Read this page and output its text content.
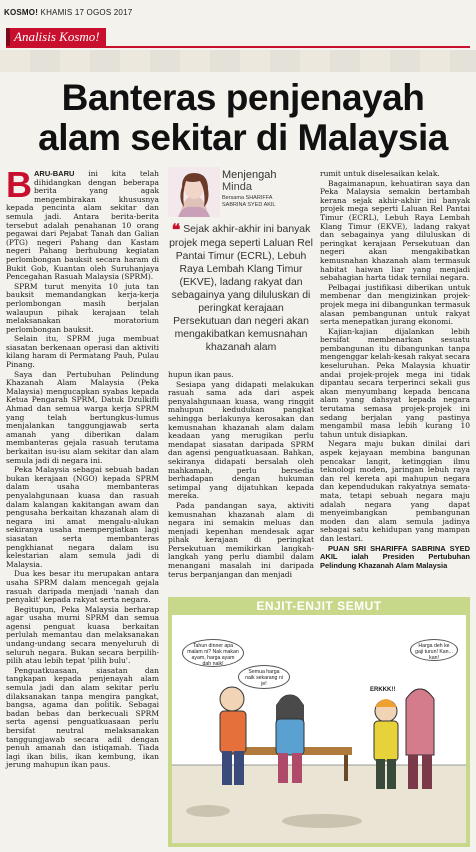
KOSMO! KHAMIS 17 OGOS 2017
Analisis Kosmo!
Banteras penjenayah alam sekitar di Malaysia

BARU-BARU ini kita telah dihidangkan dengan beberapa berita yang agak mengembirakan khususnya kepada pencinta alam sekitar dan semula jadi. Antara berita-berita tersebut adalah penahanan 10 orang pegawai dari Pejabat Tanah dan Galian (PTG) negeri Pahang dan Kastam negeri Pahang berhubung kegiatan perlombongan bauksit secara haram di Bukit Gob, Kuantan oleh Suruhanjaya Pencegahan Rasuah Malaysia (SPRM).

SPRM turut menyita 10 juta tan bauksit memandangkan kerja-kerja perlombongan masih berjalan walaupun pihak kerajaan telah melaksanakan moratorium perlombongan bauksit.

Selain itu, SPRM juga membuat siasatan berkenaan operasi dan aktiviti kilang haram di Permatang Pauh, Pulau Pinang.

Saya dan Pertubuhan Pelindung Khazanah Alam Malaysia (Peka Malaysia) mengucapkan syabas kepada Ketua Pengarah SPRM, Datuk Dzulkifli Ahmad dan semua warga kerja SPRM yang telah bertungkus-lumus menjalankan tanggungjawab serta amanah yang diberikan dalam membanteras gejala rasuah terutama berkaitan isu-isu alam sekitar dan alam semula jadi di negara ini.

Peka Malaysia sebagai sebuah badan bukan kerajaan (NGO) kepada SPRM dalam usaha membanteras penyalahgunaan kuasa dan rasuah dalam kalangan kakitangan awam dan pengusaha berkaitan khazanah alam di negara ini amat mengalu-alukan sekiranya usaha mempergiatkan lagi siasatan serta membanteras pengkhianat negara dalam isu kelestarian alam semula jadi di Malaysia.

Dua kes besar itu merupakan antara usaha SPRM dalam mencegah gejala rasuah daripada menjadi 'nanah dan penyakit' kepada rakyat serta negara.

Begitupun, Peka Malaysia berharap agar usaha murni SPRM dan semua agensi penguat kuasa berkaitan perlulah memantau dan melaksanakan undang-undang secara menyeluruh di seluruh negara. Bukan secara berpilih-pilih atau lebih tepat 'pilih bulu'.

Penguatkuasaan, siasatan dan tangkapan kepada penjenayah alam semula jadi dan alam sekitar perlu dilaksanakan tanpa mengira pangkat, bangsa, agama dan politik. Sebagai badan bebas dan berkecuali SPRM serta agensi penguatkuasaan perlu bersifat neutral melaksanakan tanggungjawab secara adil dengan penuh amanah dan istiqamah. Tiada lagi ikan bilis, ikan kembung, ikan jerung mahupun ikan paus.

Menjengah
Minda
Bersama SHARIFFA
SABRINA SYED AKIL
❝ Sejak akhir-akhir ini banyak projek mega seperti Laluan Rel Pantai Timur (ECRL), Lebuh Raya Lembah Klang Timur (EKVE), ladang rakyat dan sebagainya yang diluluskan di peringkat kerajaan Persekutuan dan negeri akan mengakibatkan kemusnahan khazanah alam

hupun ikan paus.

Sesiapa yang didapati melakukan rasuah sama ada dari aspek penyalahgunaan kuasa, wang ringgit mahupun kedudukan pangkat sehingga berlakunya kerosakan dan kemusnahan khazanah alam dalam keadaan yang merugikan perlu mendapat siasatan daripada SPRM dan agensi penguatkuasaan. Bahkan, sekiranya didapati bersalah oleh mahkamah, perlu bersedia berhadapan dengan hukuman setimpal yang dijatuhkan kepada mereka.

Pada pandangan saya, aktiviti kemusnahan khazanah alam di negara ini semakin meluas dan menjadi kepenhan mendesak agar pihak kerajaan di peringkat Persekutuan memikirkan langkah-langkah yang perlu diambil dalam menangani masalah ini daripada terus berpanjangan dan menjadi

rumit untuk diselesaikan kelak.

Bagaimanapun, kehuatiran saya dan Peka Malaysia semakin bertambah kerana sejak akhir-akhir ini banyak projek mega seperti Laluan Rel Pantai Timur (ECRL), Lebuh Raya Lembah Klang Timur (EKVE), ladang rakyat dan sebagainya yang diluluskan di peringkat kerajaan Persekutuan dan negeri akan mengakibatkan kemusnahan khazanah alam termasuk habitat haiwan liar yang menjadi sebahagian harta tidak ternilai negara.

Pelbagai justifikasi diberikan untuk membenar dan mengizinkan projek-projek mega ini dibangunkan termasuk alasan pembangunan untuk rakyat serta menepatkan jurang ekonomi.

Kajian-kajian dijalankan lebih bersifat membenarkan sesuatu pembangunan itu dibangunkan tanpa mengenggar kelah-kesah rakyat secara keseluruhan. Peka Malaysia khuatir andai projek-projek mega ini tidak dipantau secara terperinci sekali gus akan menyumbang kepada bencana alam yang dahsyat kepada negara terutama semasa projek-projek ini sedang berjalan yang pastinya mengambil masa lebih kurang 10 tahun untuk disiapkan.

Negara maju bukan dinilai dari aspek kejayaan membina bangunan pencakar langit, ketinggian ilmu teknologi moden, jaringan lebuh raya dan rel kereta api mahupun negara dan kependudukan rakyatnya semata-mata, tetapi sebuah negara maju adalah negara yang dapat menyeimbangkan pembangunan moden dan alam semula jadinya sebagai satu kehidupan yang mampan dan lestari.

PUAN SRI SHARIFFA SABRINA SYED AKIL ialah Presiden Pertubuhan Pelindung Khazanah Alam Malaysia

ENJIT-ENJIT SEMUT
Tahun dinner apa malam ni? Nak makan ayam, harga ayam dah naik!
Semua harga naik sekarang ni je!
Harga deh ke gaji turun! Kan... kan!
ERKKK!!
